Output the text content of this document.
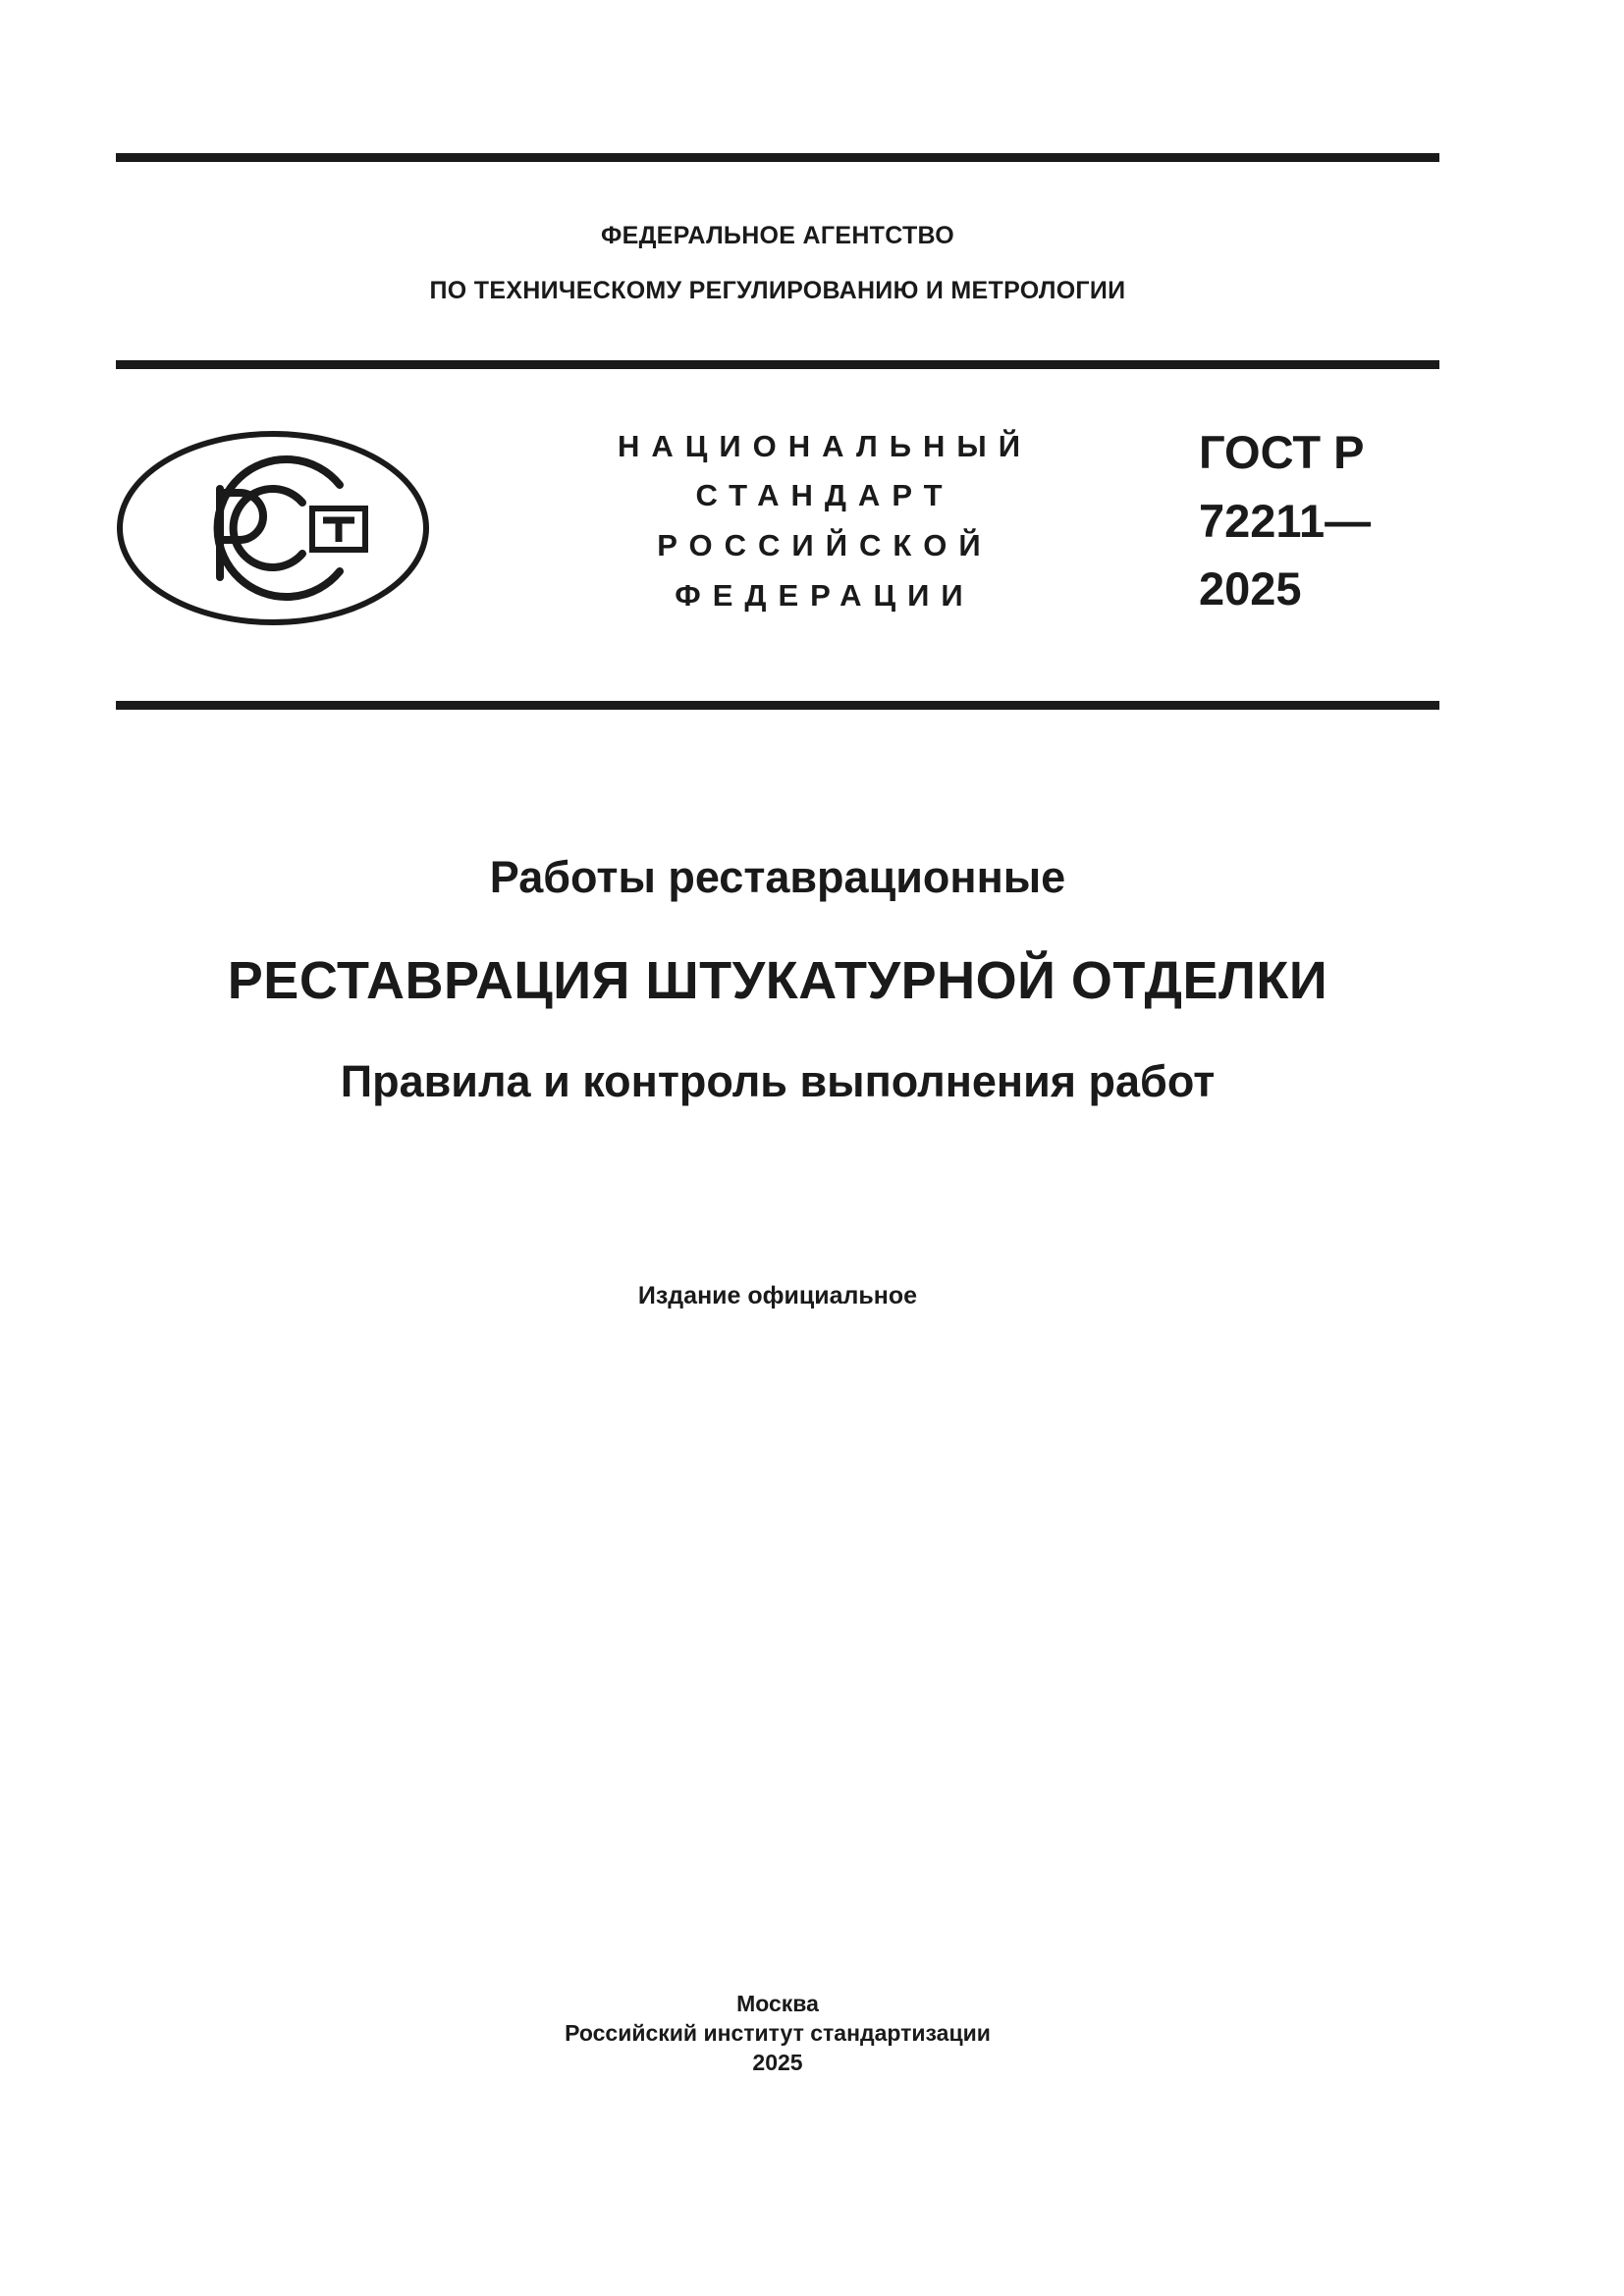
ФЕДЕРАЛЬНОЕ АГЕНТСТВО
ПО ТЕХНИЧЕСКОМУ РЕГУЛИРОВАНИЮ И МЕТРОЛОГИИ
НАЦИОНАЛЬНЫЙ
СТАНДАРТ
РОССИЙСКОЙ
ФЕДЕРАЦИИ
ГОСТ Р
72211—
2025
Работы реставрационные
РЕСТАВРАЦИЯ ШТУКАТУРНОЙ ОТДЕЛКИ
Правила и контроль выполнения работ
Издание официальное
Москва
Российский институт стандартизации
2025
